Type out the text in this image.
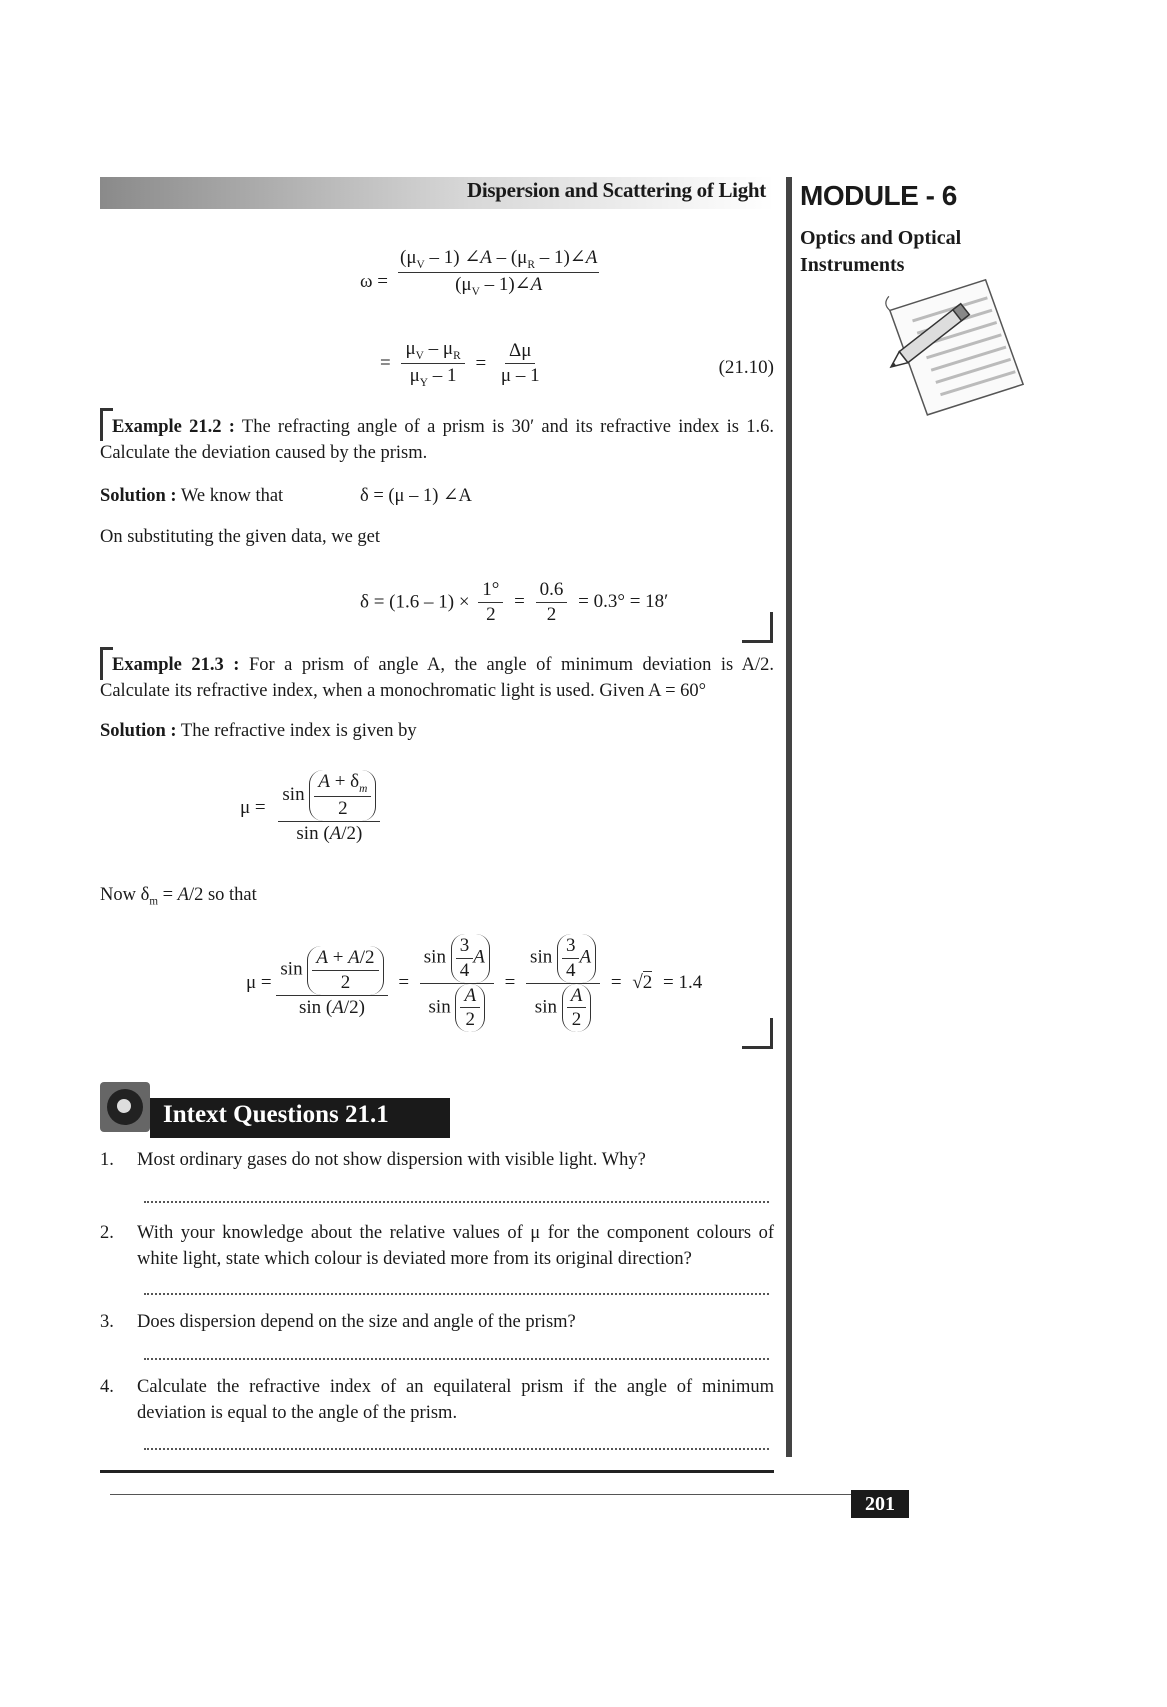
Dispersion and Scattering of Light MODULE - 6
Optics and Optical Instruments
$\omega = \frac{(\mu_V - 1) \angle A - (\mu_R - 1)\angle A}{(\mu_V - 1)\angle A}$
= $\frac{\mu_V - \mu_R}{\mu_Y - 1} = \frac{\Delta\mu}{\mu - 1}$	(21.10)
Example 21.2 : The refracting angle of a prism is 30′ and its refractive index is 1.6. Calculate the deviation caused by the prism.
Solution : We know that	δ = (μ – 1) ∠A
On substituting the given data, we get
$\delta = (1.6 - 1) \times \frac{1^\circ}{2} = \frac{0.6}{2} = 0.3^\circ = 18'$
Example 21.3 : For a prism of angle A, the angle of minimum deviation is A/2. Calculate its refractive index, when a monochromatic light is used. Given A = 60°
Solution : The refractive index is given by
$\mu = \frac{\sin \frac{A + \delta_m}{2}}{\sin (A/2)}$
Now $\delta_m = A/2$ so that
$\mu = \frac{\sin \frac{A + A/2}{2}}{\sin (A/2)} = \frac{\sin \frac{3}{4} A}{\sin \frac{A}{2}} = \frac{\sin \frac{3}{4} A}{\sin \frac{A}{2}} = √2 = 1.4$
Intext Questions 21.1
1. Most ordinary gases do not show dispersion with visible light. Why?
2. With your knowledge about the relative values of μ for the component colours of white light, state which colour is deviated more from its original direction?
3. Does dispersion depend on the size and angle of the prism?
4. Calculate the refractive index of an equilateral prism if the angle of minimum deviation is equal to the angle of the prism.
201
